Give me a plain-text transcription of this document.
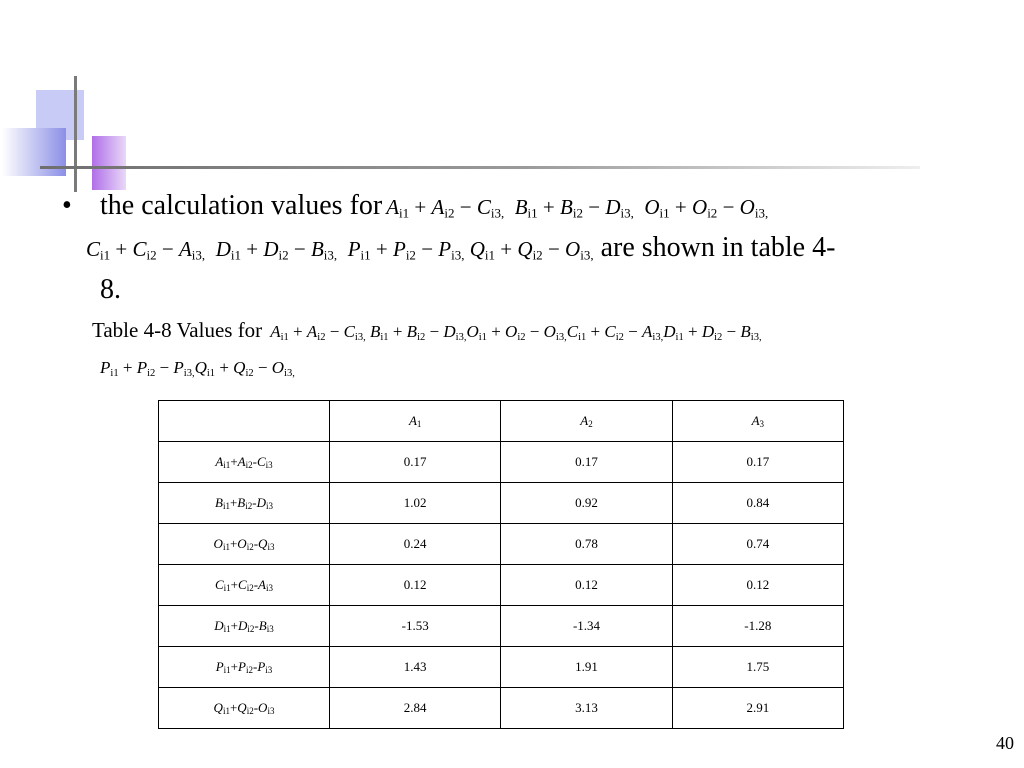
• the calculation values for $A_{i1} + A_{i2} - C_{i3,}$ $B_{i1} + B_{i2} - D_{i3,}$ $O_{i1} + O_{i2} - O_{i3,}$
$C_{i1} + C_{i2} - A_{i3,}$ $D_{i1} + D_{i2} - B_{i3,}$ $P_{i1} + P_{i2} - P_{i3,}$ $Q_{i1} + Q_{i2} - O_{i3,}$ are shown in table 4-
8.
Table 4-8 Values for $A_{i1} + A_{i2} - C_{i3,}$ $B_{i1} + B_{i2} - D_{i3,}O_{i1} + O_{i2} - O_{i3,}C_{i1} + C_{i2} - A_{i3,}D_{i1} + D_{i2} - B_{i3,}$
$P_{i1} + P_{i2} - P_{i3,}Q_{i1} + Q_{i2} - O_{i3,}$
	$A_1$	$A_2$	$A_3$
$A_{i1}+A_{i2}-C_{i3}$	0.17	0.17	0.17
$B_{i1}+B_{i2}-D_{i3}$	1.02	0.92	0.84
$O_{i1}+O_{i2}-Q_{i3}$	0.24	0.78	0.74
$C_{i1}+C_{i2}-A_{i3}$	0.12	0.12	0.12
$D_{i1}+D_{i2}-B_{i3}$	-1.53	-1.34	-1.28
$P_{i1}+P_{i2}-P_{i3}$	1.43	1.91	1.75
$Q_{i1}+Q_{i2}-O_{i3}$	2.84	3.13	2.91
40
